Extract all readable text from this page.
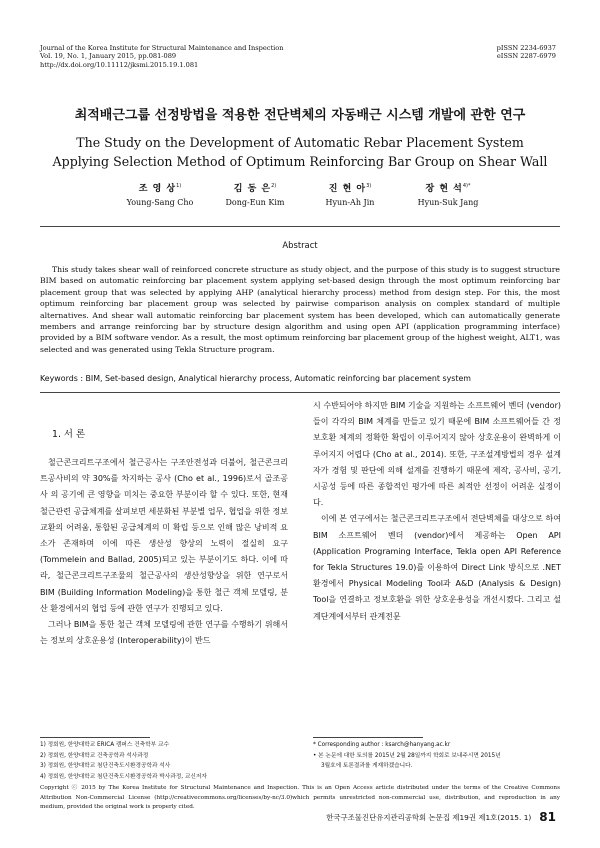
Journal of the Korea Institute for Structural Maintenance and Inspection
Vol. 19, No. 1, January 2015, pp.081-089
http://dx.doi.org/10.11112/jksmi.2015.19.1.081
pISSN 2234-6937
eISSN 2287-6979
최적배근그룹 선정방법을 적용한 전단벽체의 자동배근 시스템 개발에 관한 연구
The Study on the Development of Automatic Rebar Placement System
Applying Selection Method of Optimum Reinforcing Bar Group on Shear Wall
조 영 상$^{1)}$
Young-Sang Cho
김 동 은$^{2)}$
Dong-Eun Kim
진 현 아$^{3)}$
Hyun-Ah Jin
장 현 석$^{4)*}$
Hyun-Suk Jang
Abstract
This study takes shear wall of reinforced concrete structure as study object, and the purpose of this study is to suggest structure BIM based on automatic reinforcing bar placement system applying set-based design through the most optimum reinforcing bar placement group that was selected by applying AHP (analytical hierarchy process) method from design step. For this, the most optimum reinforcing bar placement group was selected by pairwise comparison analysis on complex standard of multiple alternatives. And shear wall automatic reinforcing bar placement system has been developed, which can automatically generate members and arrange reinforcing bar by structure design algorithm and using open API (application programming interface) provided by a BIM software vendor. As a result, the most optimum reinforcing bar placement group of the highest weight, ALT1, was selected and was generated using Tekla Structure program.
Keywords : BIM, Set-based design, Analytical hierarchy process, Automatic reinforcing bar placement system
1. 서 론

철근콘크리트구조에서 철근공사는 구조안전성과 더불어, 철근콘크리트공사비의 약 30%를 차지하는 공사 (Cho et al., 1996)로서 골조공사 의 공기에 큰 영향을 미치는 중요한 부분이라 할 수 있다. 또한, 현재 철근관련 공급체계를 살펴보면 세분화된 부분별 업무, 협업을 위한 정보교환의 어려움, 통합된 공급체계의 미 확립 등으로 인해 많은 낭비적 요소가 존재하며 이에 따른 생산성 향상의 노력이 절실히 요구 (Tommelein and Ballad, 2005)되고 있는 부분이기도 하다. 이에 따라, 철근콘크리트구조물의 철근공사의 생산성향상을 위한 연구로서 BIM (Building Information Modeling)을 통한 철근 객체 모델링, 분산 환경에서의 협업 등에 관한 연구가 진행되고 있다.

그러나 BIM을 통한 철근 객체 모델링에 관한 연구를 수행하기 위해서는 정보의 상호운용성 (Interoperability)이 반드

시 수반되어야 하지만 BIM 기술을 지원하는 소프트웨어 벤더 (vendor)들이 각각의 BIM 체계를 만들고 있기 때문에 BIM 소프트웨어들 간 정보호환 체계의 정확한 확립이 이루어지지 않아 상호운용이 완벽하게 이루어지지 어렵다 (Cho at al., 2014). 또한, 구조설계방법의 경우 설계자가 경험 및 판단에 의해 설계를 진행하기 때문에 제작, 공사비, 공기, 시공성 등에 따른 종합적인 평가에 따른 최적안 선정이 어려운 실정이다.

이에 본 연구에서는 철근콘크리트구조에서 전단벽체를 대상으로 하여 BIM 소프트웨어 벤더 (vendor)에서 제공하는 Open API (Application Programing Interface, Tekla open API Reference for Tekla Structures 19.0)를 이용하여 Direct Link 방식으로 .NET 환경에서 Physical Modeling Tool과 A&D (Analysis & Design) Tool을 연결하고 정보호환을 위한 상호운용성을 개선시켰다. 그리고 설계단계에서부터 관계전문

1) 정회원, 한양대학교 ERICA 캠퍼스 건축학부 교수
2) 정회원, 한양대학교 건축공학과 석사과정
3) 정회원, 한양대학교 첨단건축도시환경공학과 석사
4) 정회원, 한양대학교 첨단건축도시환경공학과 박사과정, 교신저자
* Corresponding author : ksarch@hanyang.ac.kr
• 본 논문에 대한 토의를 2015년 2월 28일까지 학회로 보내주시면 2015년
3월호에 토론결과를 게재하겠습니다.
Copyright ⓒ 2015 by The Korea Institute for Structural Maintenance and Inspection. This is an Open Access article distributed under the terms of the Creative Commons Attribution Non-Commercial License (http://creativecommons.org/licenses/by-nc/3.0)which permits unrestricted non-commercial use, distribution, and reproduction in any medium, provided the original work is properly cited.
한국구조물진단유지관리공학회 논문집 제19권 제1호(2015. 1) 81
